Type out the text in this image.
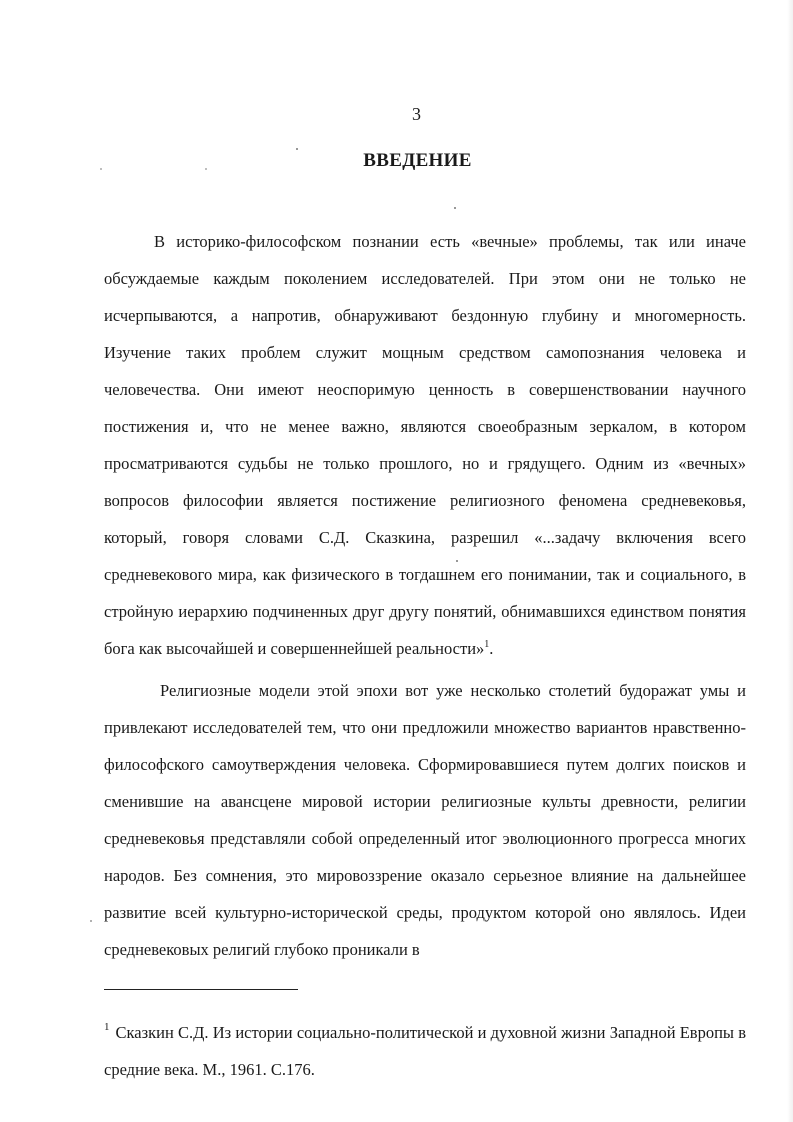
3
ВВЕДЕНИЕ

В историко-философском познании есть «вечные» проблемы, так или иначе обсуждаемые каждым поколением исследователей. При этом они не только не исчерпываются, а напротив, обнаруживают бездонную глубину и многомерность. Изучение таких проблем служит мощным средством самопознания человека и человечества. Они имеют неоспоримую ценность в совершенствовании научного постижения и, что не менее важно, являются своеобразным зеркалом, в котором просматриваются судьбы не только прошлого, но и грядущего. Одним из «вечных» вопросов философии является постижение религиозного феномена средневековья, который, говоря словами С.Д. Сказкина, разрешил «...задачу включения всего средневекового мира, как физического в тогдашнем его понимании, так и социального, в стройную иерархию подчиненных друг другу понятий, обнимавшихся единством понятия бога как высочайшей и совершеннейшей реальности»$^1$.

Религиозные модели этой эпохи вот уже несколько столетий будоражат умы и привлекают исследователей тем, что они предложили множество вариантов нравственно-философского самоутверждения человека. Сформировавшиеся путем долгих поисков и сменившие на авансцене мировой истории религиозные культы древности, религии средневековья представляли собой определенный итог эволюционного прогресса многих народов. Без сомнения, это мировоззрение оказало серьезное влияние на дальнейшее развитие всей культурно-исторической среды, продуктом которой оно являлось. Идеи средневековых религий глубоко проникали в

$^1$ Сказкин С.Д. Из истории социально-политической и духовной жизни Западной Европы в средние века. М., 1961. С.176.
